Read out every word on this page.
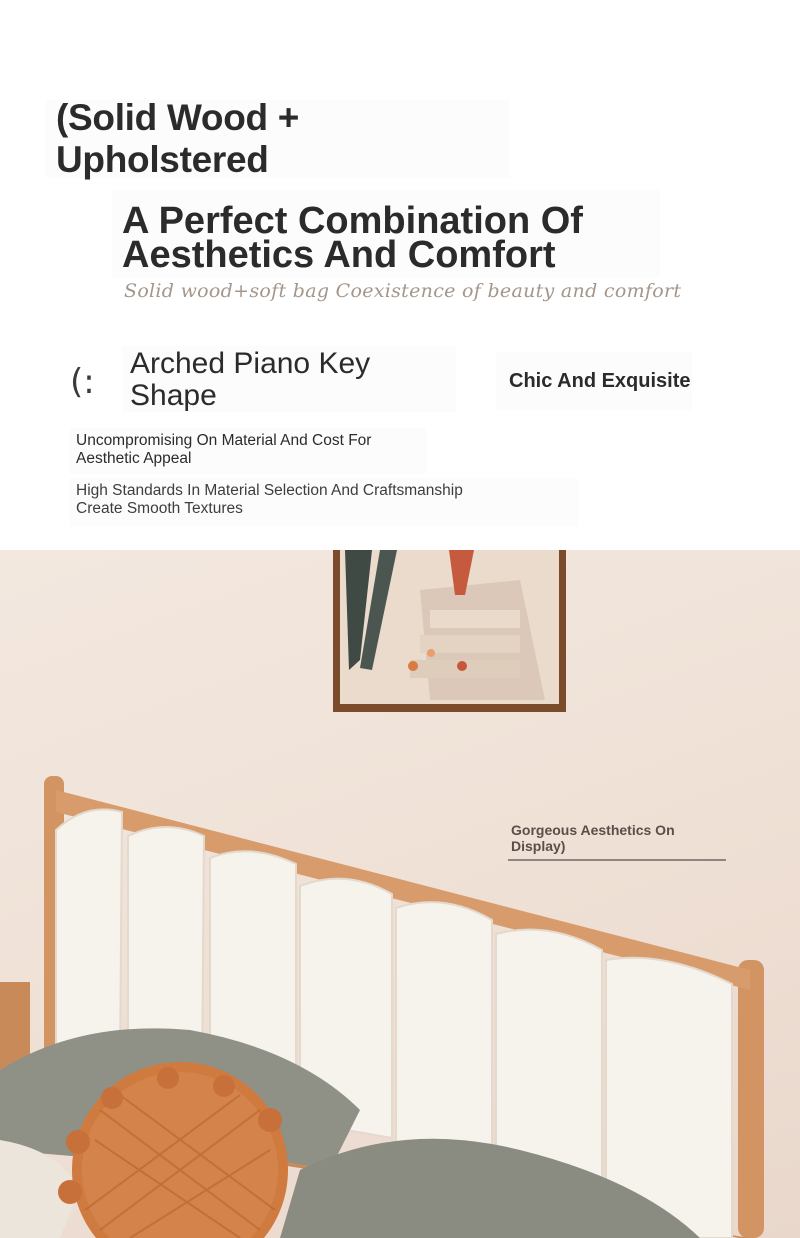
(Solid Wood + Upholstered
A Perfect Combination Of
Aesthetics And Comfort
Solid wood+soft bag Coexistence of beauty and comfort
(: Arched Piano Key
Shape	Chic And Exquisite
Uncompromising On Material And Cost For
Aesthetic Appeal
High Standards In Material Selection And Craftsmanship
Create Smooth Textures
Gorgeous Aesthetics On
Display)
